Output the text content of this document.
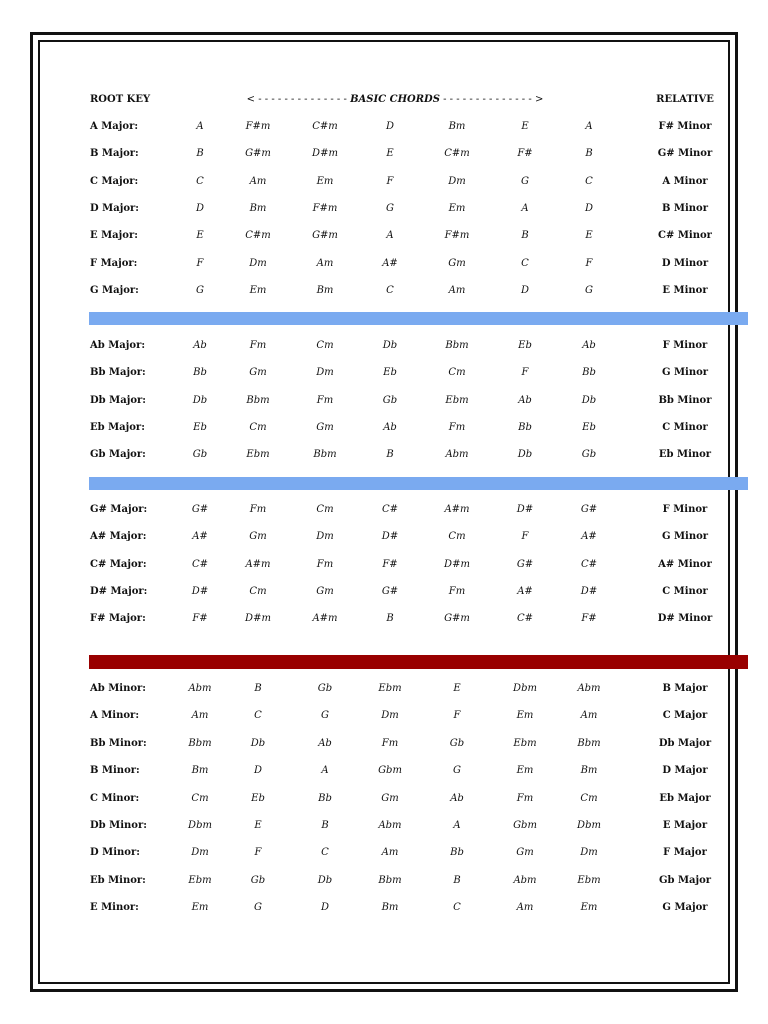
ROOT KEY	< - - - - - - - - - - - - - - BASIC CHORDS - - - - - - - - - - - - - - >	RELATIVE
A Major:	A	F#m	C#m	D	Bm	E	A	F# Minor
B Major:	B	G#m	D#m	E	C#m	F#	B	G# Minor
C Major:	C	Am	Em	F	Dm	G	C	A Minor
D Major:	D	Bm	F#m	G	Em	A	D	B Minor
E Major:	E	C#m	G#m	A	F#m	B	E	C# Minor
F Major:	F	Dm	Am	A#	Gm	C	F	D Minor
G Major:	G	Em	Bm	C	Am	D	G	E Minor
Ab Major:	Ab	Fm	Cm	Db	Bbm	Eb	Ab	F Minor
Bb Major:	Bb	Gm	Dm	Eb	Cm	F	Bb	G Minor
Db Major:	Db	Bbm	Fm	Gb	Ebm	Ab	Db	Bb Minor
Eb Major:	Eb	Cm	Gm	Ab	Fm	Bb	Eb	C Minor
Gb Major:	Gb	Ebm	Bbm	B	Abm	Db	Gb	Eb Minor
G# Major:	G#	Fm	Cm	C#	A#m	D#	G#	F Minor
A# Major:	A#	Gm	Dm	D#	Cm	F	A#	G Minor
C# Major:	C#	A#m	Fm	F#	D#m	G#	C#	A# Minor
D# Major:	D#	Cm	Gm	G#	Fm	A#	D#	C Minor
F# Major:	F#	D#m	A#m	B	G#m	C#	F#	D# Minor
Ab Minor:	Abm	B	Gb	Ebm	E	Dbm	Abm	B Major
A Minor:	Am	C	G	Dm	F	Em	Am	C Major
Bb Minor:	Bbm	Db	Ab	Fm	Gb	Ebm	Bbm	Db Major
B Minor:	Bm	D	A	Gbm	G	Em	Bm	D Major
C Minor:	Cm	Eb	Bb	Gm	Ab	Fm	Cm	Eb Major
Db Minor:	Dbm	E	B	Abm	A	Gbm	Dbm	E Major
D Minor:	Dm	F	C	Am	Bb	Gm	Dm	F Major
Eb Minor:	Ebm	Gb	Db	Bbm	B	Abm	Ebm	Gb Major
E Minor:	Em	G	D	Bm	C	Am	Em	G Major
